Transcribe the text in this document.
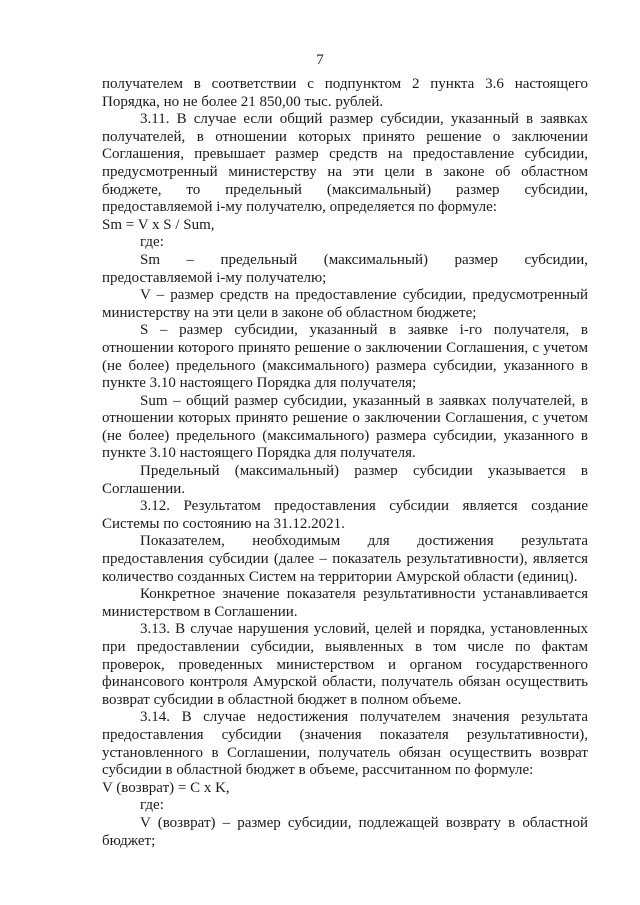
7

получателем в соответствии с подпунктом 2 пункта 3.6 настоящего Порядка, но не более 21 850,00 тыс. рублей.

3.11. В случае если общий размер субсидии, указанный в заявках получателей, в отношении которых принято решение о заключении Соглашения, превышает размер средств на предоставление субсидии, предусмотренный министерству на эти цели в законе об областном бюджете, то предельный (максимальный) размер субсидии, предоставляемой i-му получателю, определяется по формуле:

Sm = V x S / Sum,

где:

Sm – предельный (максимальный) размер субсидии, предоставляемой i-му получателю;

V – размер средств на предоставление субсидии, предусмотренный министерству на эти цели в законе об областном бюджете;

S – размер субсидии, указанный в заявке i-го получателя, в отношении которого принято решение о заключении Соглашения, с учетом (не более) предельного (максимального) размера субсидии, указанного в пункте 3.10 настоящего Порядка для получателя;

Sum – общий размер субсидии, указанный в заявках получателей, в отношении которых принято решение о заключении Соглашения, с учетом (не более) предельного (максимального) размера субсидии, указанного в пункте 3.10 настоящего Порядка для получателя.

Предельный (максимальный) размер субсидии указывается в Соглашении.

3.12. Результатом предоставления субсидии является создание Системы по состоянию на 31.12.2021.

Показателем, необходимым для достижения результата предоставления субсидии (далее – показатель результативности), является количество созданных Систем на территории Амурской области (единиц).

Конкретное значение показателя результативности устанавливается министерством в Соглашении.

3.13. В случае нарушения условий, целей и порядка, установленных при предоставлении субсидии, выявленных в том числе по фактам проверок, проведенных министерством и органом государственного финансового контроля Амурской области, получатель обязан осуществить возврат субсидии в областной бюджет в полном объеме.

3.14. В случае недостижения получателем значения результата предоставления субсидии (значения показателя результативности), установленного в Соглашении, получатель обязан осуществить возврат субсидии в областной бюджет в объеме, рассчитанном по формуле:

V (возврат) = C x K,

где:

V (возврат) – размер субсидии, подлежащей возврату в областной бюджет;
